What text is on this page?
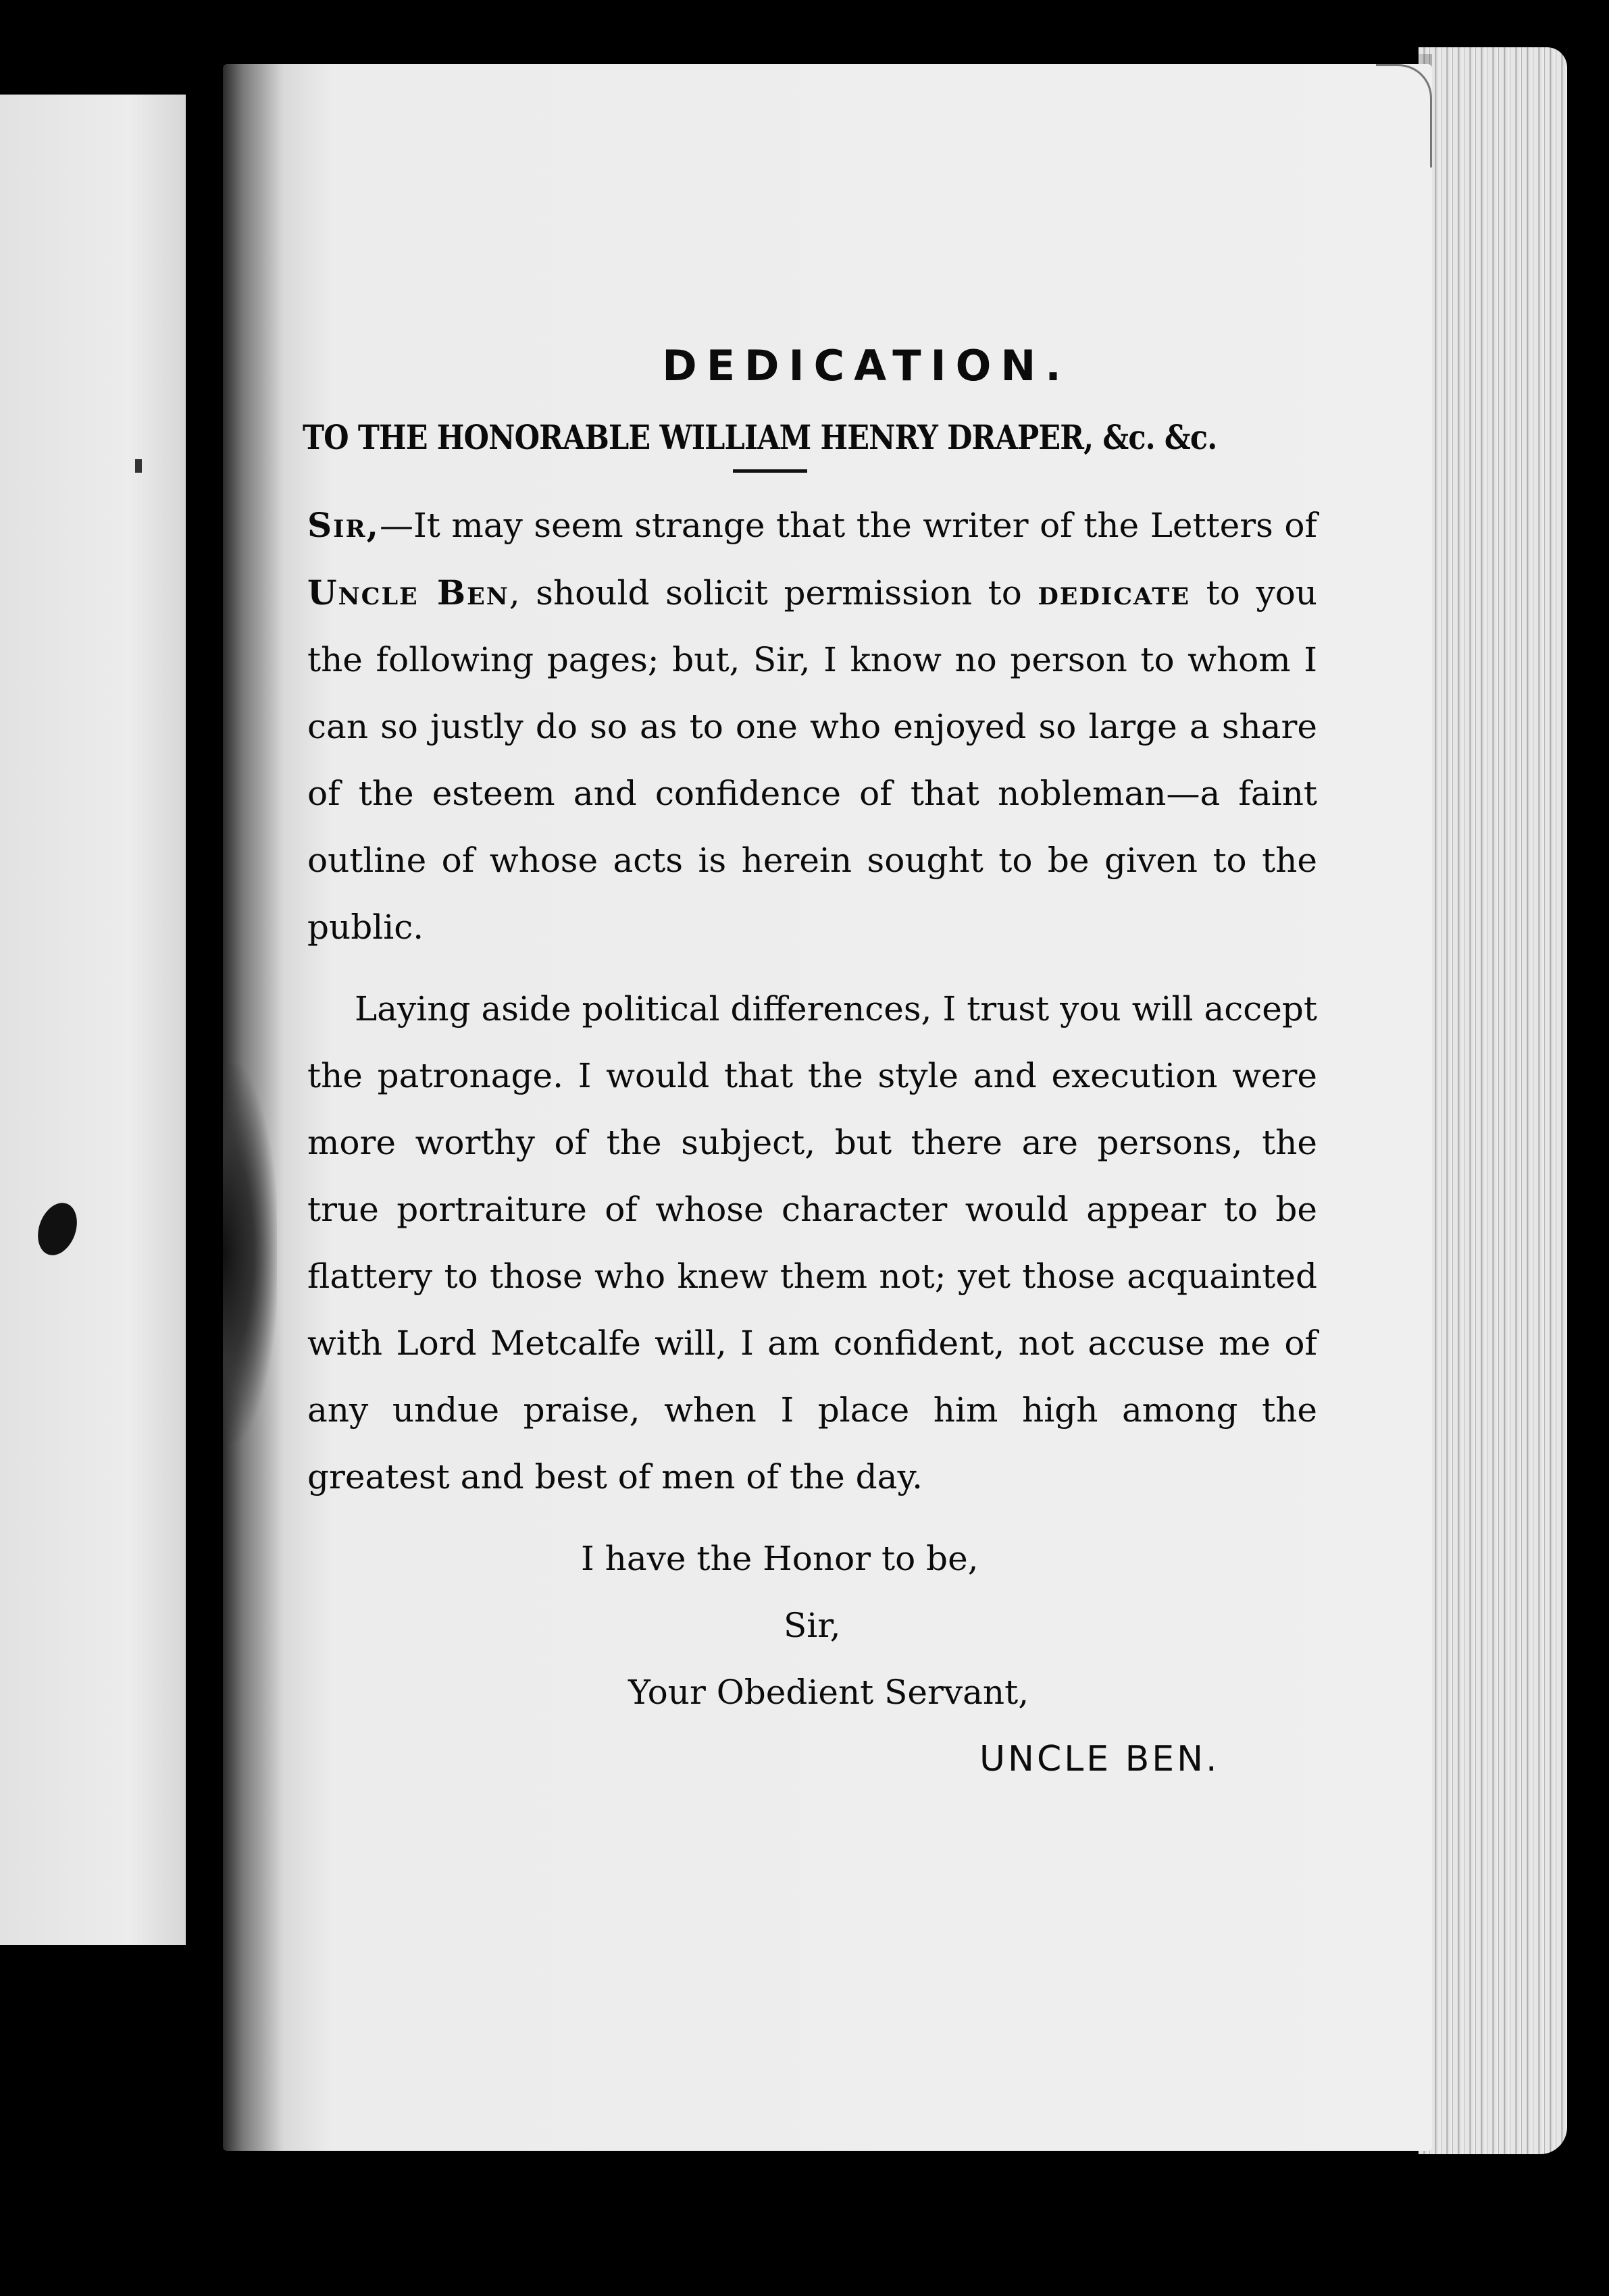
DEDICATION.
TO THE HONORABLE WILLIAM HENRY DRAPER, &c. &c.
Sir,—It may seem strange that the writer of the Letters of Uncle Ben, should solicit permission to dedicate to you the following pages; but, Sir, I know no person to whom I can so justly do so as to one who enjoyed so large a share of the esteem and confidence of that nobleman—a faint outline of whose acts is herein sought to be given to the public.
Laying aside political differences, I trust you will accept the patronage. I would that the style and execution were more worthy of the subject, but there are persons, the true portraiture of whose character would appear to be flattery to those who knew them not; yet those acquainted with Lord Metcalfe will, I am confident, not accuse me of any undue praise, when I place him high among the greatest and best of men of the day.
I have the Honor to be,
Sir,
Your Obedient Servant,
UNCLE BEN.
